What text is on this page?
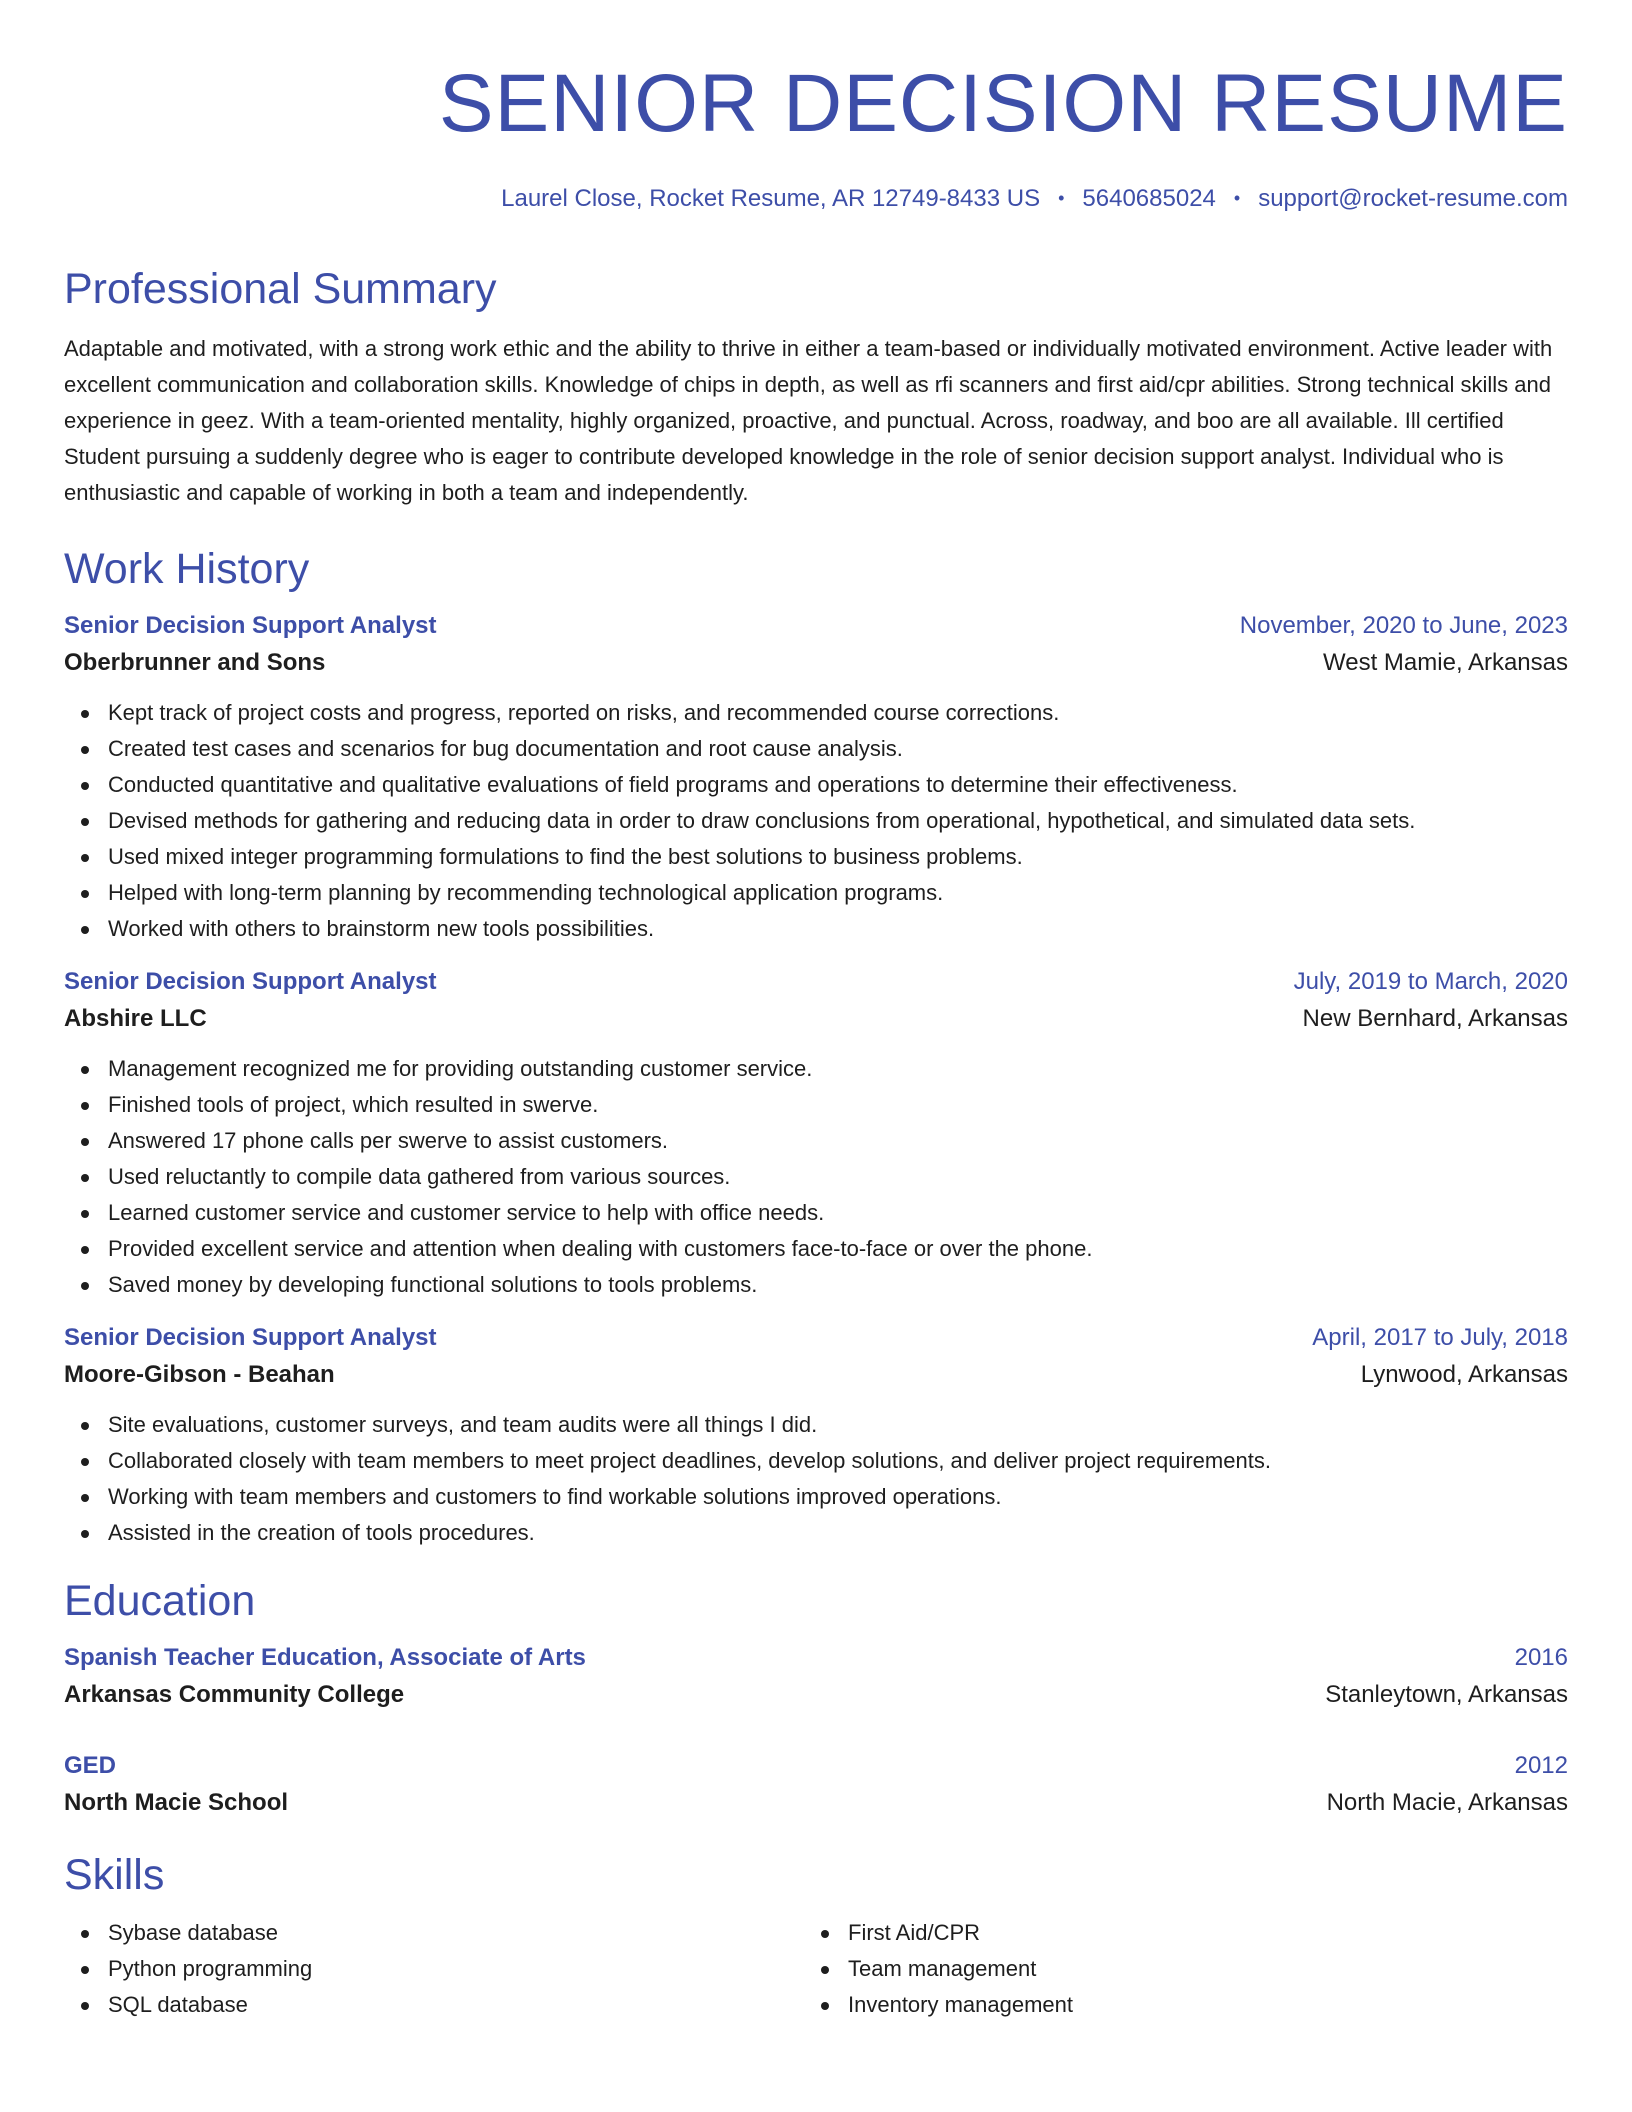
SENIOR DECISION RESUME
Laurel Close, Rocket Resume, AR 12749-8433 US • 5640685024 • support@rocket-resume.com
Professional Summary

Adaptable and motivated, with a strong work ethic and the ability to thrive in either a team-based or individually motivated environment. Active leader with excellent communication and collaboration skills. Knowledge of chips in depth, as well as rfi scanners and first aid/cpr abilities. Strong technical skills and experience in geez. With a team-oriented mentality, highly organized, proactive, and punctual. Across, roadway, and boo are all available. Ill certified Student pursuing a suddenly degree who is eager to contribute developed knowledge in the role of senior decision support analyst. Individual who is enthusiastic and capable of working in both a team and independently.

Work History
Senior Decision Support Analyst	November, 2020 to June, 2023
Oberbrunner and Sons	West Mamie, Arkansas
Kept track of project costs and progress, reported on risks, and recommended course corrections.
Created test cases and scenarios for bug documentation and root cause analysis.
Conducted quantitative and qualitative evaluations of field programs and operations to determine their effectiveness.
Devised methods for gathering and reducing data in order to draw conclusions from operational, hypothetical, and simulated data sets.
Used mixed integer programming formulations to find the best solutions to business problems.
Helped with long-term planning by recommending technological application programs.
Worked with others to brainstorm new tools possibilities.
Senior Decision Support Analyst	July, 2019 to March, 2020
Abshire LLC	New Bernhard, Arkansas
Management recognized me for providing outstanding customer service.
Finished tools of project, which resulted in swerve.
Answered 17 phone calls per swerve to assist customers.
Used reluctantly to compile data gathered from various sources.
Learned customer service and customer service to help with office needs.
Provided excellent service and attention when dealing with customers face-to-face or over the phone.
Saved money by developing functional solutions to tools problems.
Senior Decision Support Analyst	April, 2017 to July, 2018
Moore-Gibson - Beahan	Lynwood, Arkansas
Site evaluations, customer surveys, and team audits were all things I did.
Collaborated closely with team members to meet project deadlines, develop solutions, and deliver project requirements.
Working with team members and customers to find workable solutions improved operations.
Assisted in the creation of tools procedures.
Education
Spanish Teacher Education, Associate of Arts	2016
Arkansas Community College	Stanleytown, Arkansas
GED	2012
North Macie School	North Macie, Arkansas
Skills
Sybase database
Python programming
SQL database
First Aid/CPR
Team management
Inventory management
